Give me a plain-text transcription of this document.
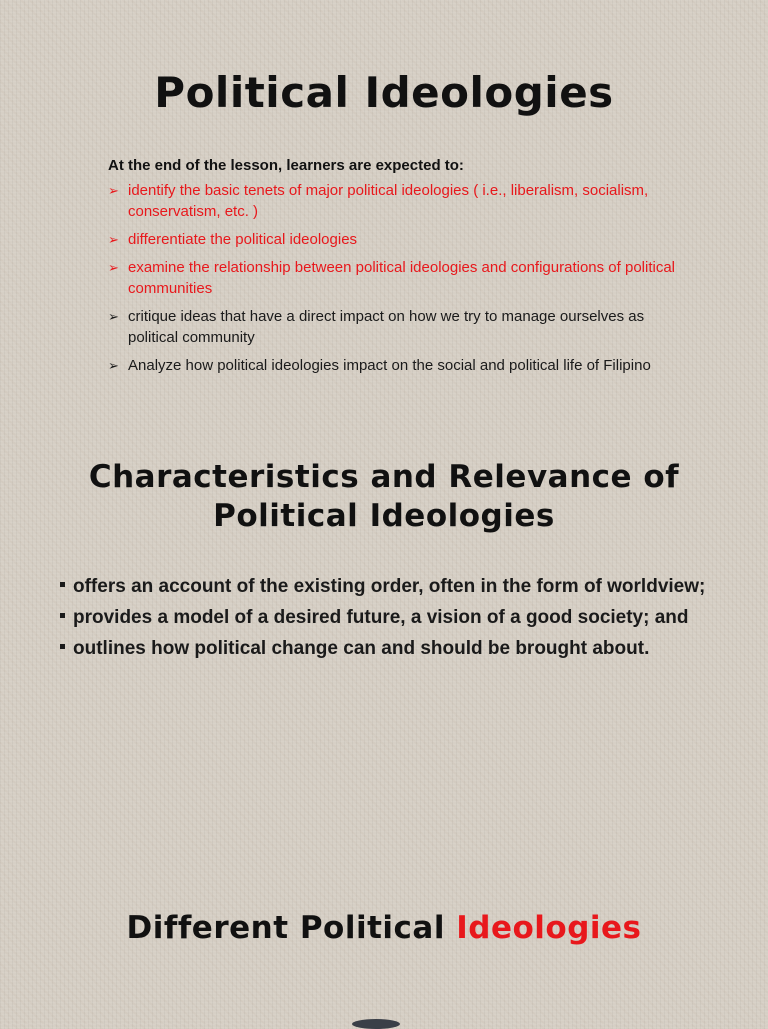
Political Ideologies

At the end of the lesson, learners are expected to:

➢ identify the basic tenets of major political ideologies ( i.e., liberalism, socialism, conservatism, etc. )
➢ differentiate the political ideologies
➢ examine the relationship between political ideologies and configurations of political communities
➢ critique ideas that have a direct impact on how we try to manage ourselves as political community
➢ Analyze how political ideologies impact on the social and political life of Filipino
Characteristics and Relevance of
Political Ideologies
offers an account of the existing order, often in the form of worldview;
provides a model of a desired future, a vision of a good society; and
outlines how political change can and should be brought about.
Different Political Ideologies
